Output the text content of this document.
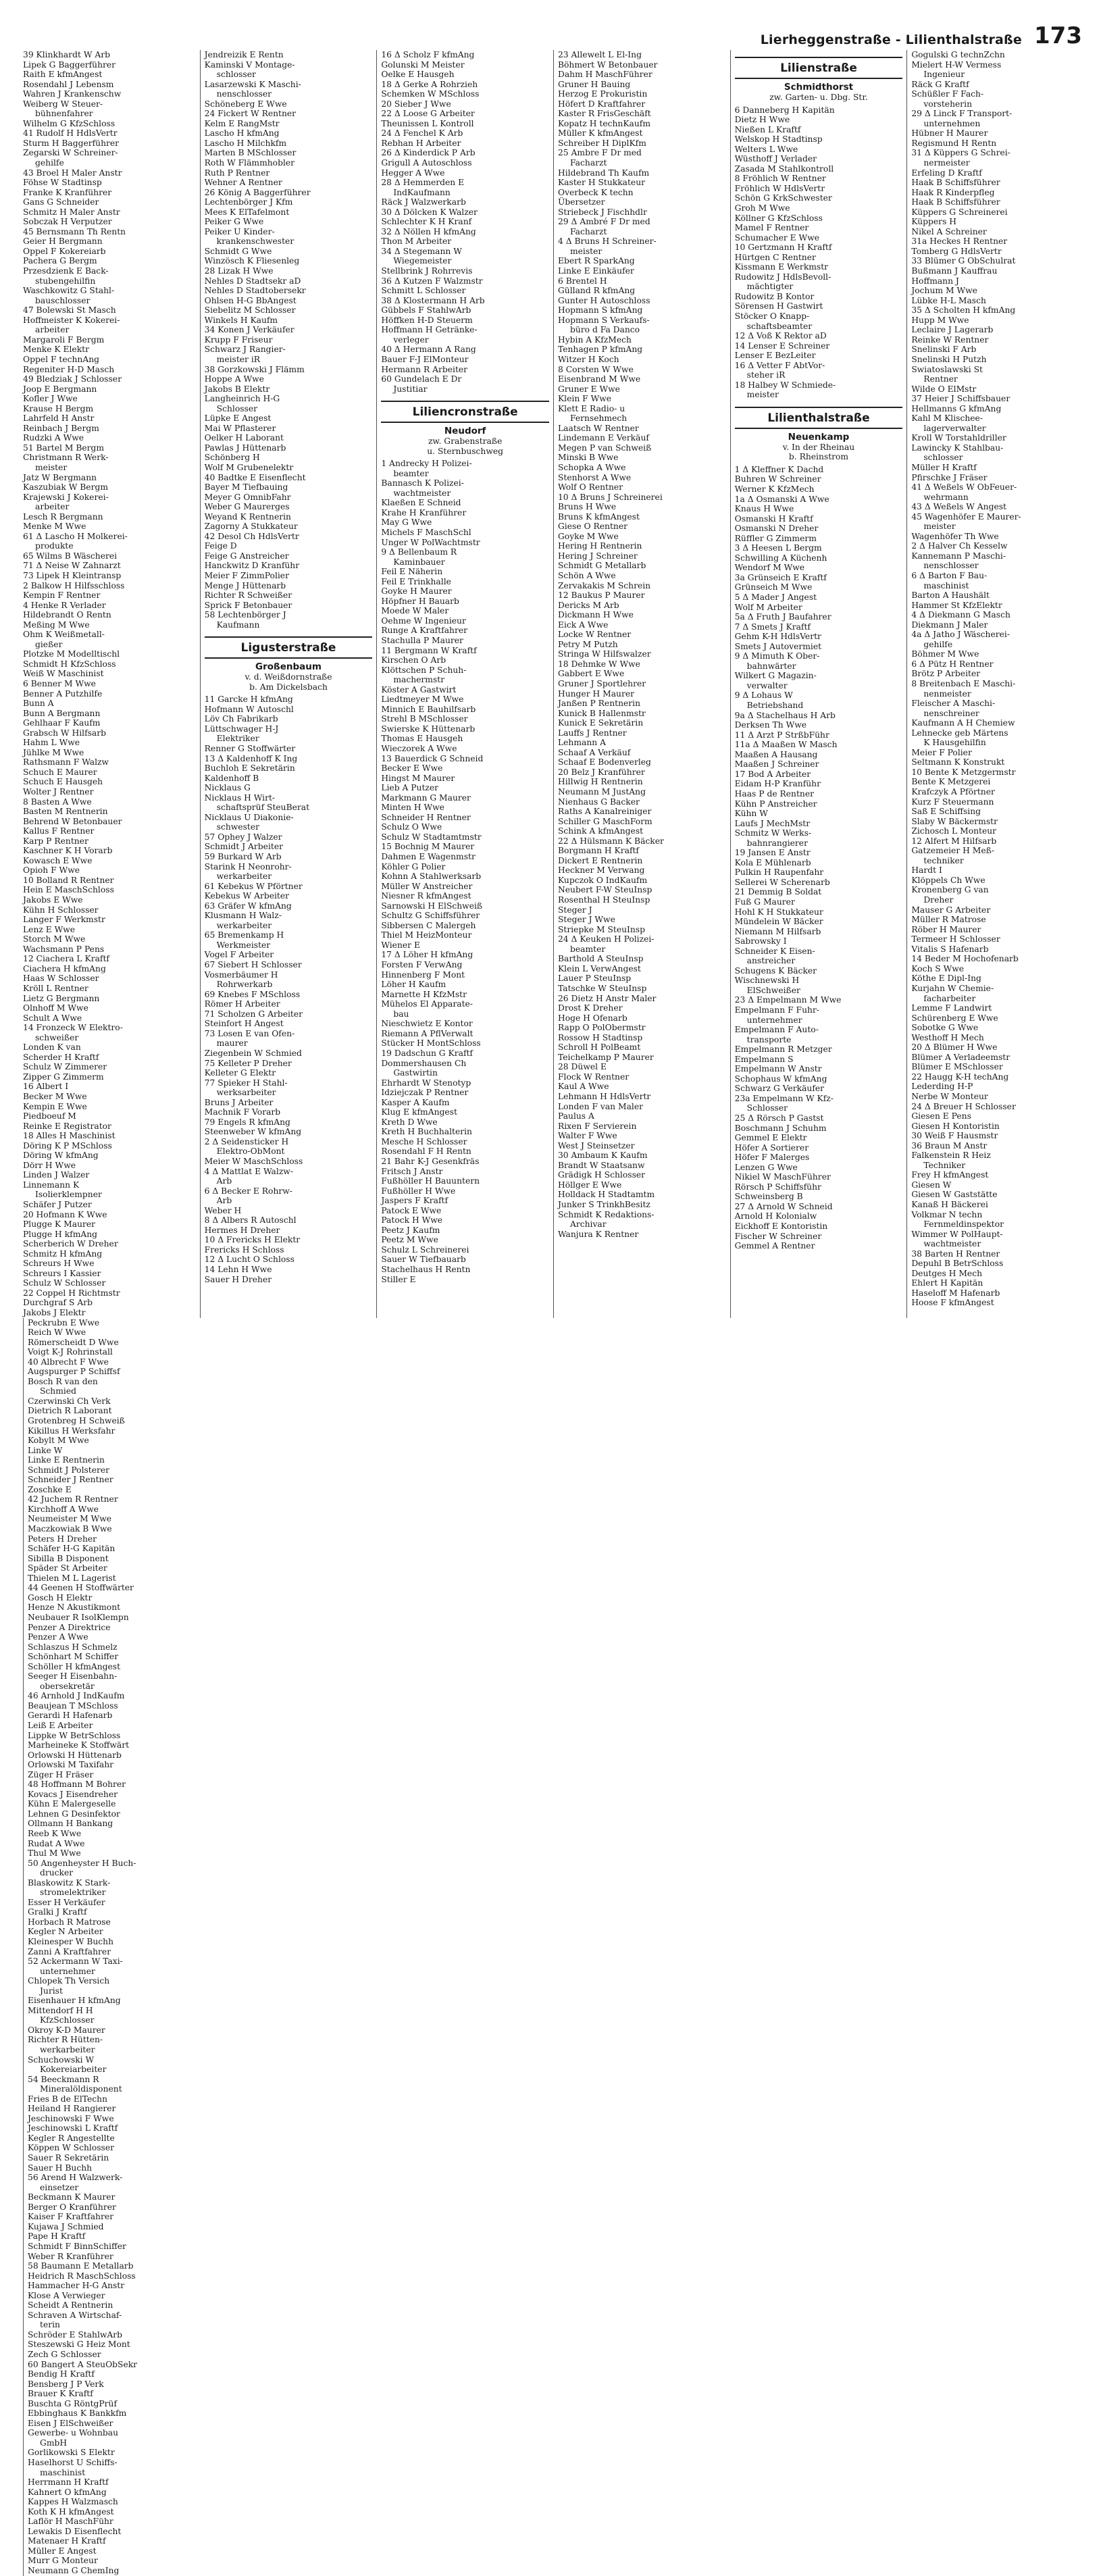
Lierheggenstraße - Lilienthalstraße 173
39 Klinkhardt W Arb
Lipek G Baggerführer
Raith E kfmAngest
Rosendahl J Lebensm
Wahren J Krankenschw
Weiberg W Steuer-
bühnenfahrer
Wilhelm G KfzSchloss
41 Rudolf H HdlsVertr
Sturm H Baggerführer
Zegarski W Schreiner-
gehilfe
43 Broel H Maler Anstr
Föhse W Stadtinsp
Franke K Kranführer
Gans G Schneider
Schmitz H Maler Anstr
Sobczak H Verputzer
45 Bernsmann Th Rentn
Geier H Bergmann
Oppel F Kokereiarb
Pachera G Bergm
Przesdzienk E Back-
stubengehilfin
Waschkowitz G Stahl-
bauschlosser
47 Bolewski St Masch
Hoffmeister K Kokerei-
arbeiter
Margaroli F Bergm
Menke K Elektr
Oppel F technAng
Regeniter H-D Masch
49 Bledziak J Schlosser
Joop E Bergmann
Kofler J Wwe
Krause H Bergm
Lahrfeld H Anstr
Reinbach J Bergm
Rudzki A Wwe
51 Bartel M Bergm
Christmann R Werk-
meister
Jatz W Bergmann
Kaszubiak W Bergm
Krajewski J Kokerei-
arbeiter
Lesch R Bergmann
Menke M Wwe
61 Δ Lascho H Molkerei-
produkte
65 Wilms B Wäscherei
71 Δ Neise W Zahnarzt
73 Lipek H Kleintransp
2 Balkow H Hilfsschloss
Kempin F Rentner
4 Henke R Verlader
Hildebrandt O Rentn
Meßing M Wwe
Ohm K Weißmetall-
gießer
Plotzke M Modelltischl
Schmidt H KfzSchloss
Weiß W Maschinist
6 Benner M Wwe
Benner A Putzhilfe
Bunn A
Bunn A Bergmann
Gehlhaar F Kaufm
Grabsch W Hilfsarb
Hahm L Wwe
Jühlke M Wwe
Rathsmann F Walzw
Schuch E Maurer
Schuch E Hausgeh
Wolter J Rentner
8 Basten A Wwe
Basten M Rentnerin
Behrend W Betonbauer
Kallus F Rentner
Karp P Rentner
Kaschner K H Vorarb
Kowasch E Wwe
Opioh F Wwe
10 Bolland R Rentner
Hein E MaschSchloss
Jakobs E Wwe
Kühn H Schlosser
Langer F Werkmstr
Lenz E Wwe
Storch M Wwe
Wachsmann P Pens
12 Ciachera L Kraftf
Ciachera H kfmAng
Haas W Schlosser
Kröll L Rentner
Lietz G Bergmann
Olnhoff M Wwe
Schult A Wwe
14 Fronzeck W Elektro-
schweißer
Londen K van
Scherder H Kraftf
Schulz W Zimmerer
Zipper G Zimmerm
16 Albert I
Becker M Wwe
Kempin E Wwe
Piedboeuf M
Reinke E Registrator
18 Alles H Maschinist
Döring K P MSchloss
Döring W kfmAng
Dörr H Wwe
Linden J Walzer
Linnemann K
Isolierklempner
Schäfer J Putzer
20 Hofmann K Wwe
Plugge K Maurer
Plugge H kfmAng
Scherberich W Dreher
Schmitz H kfmAng
Schreurs H Wwe
Schreurs I Kassier
Schulz W Schlosser
22 Coppel H Richtmstr
Durchgraf S Arb
Jakobs J Elektr
Jendreizik E Rentn
Kaminski V Montage-
schlosser
Lasarzewski K Maschi-
nenschlosser
Schöneberg E Wwe
24 Fickert W Rentner
Kelm E RangMstr
Lascho H kfmAng
Lascho H Milchkfm
Marten B MSchlosser
Roth W Flämmhobler
Ruth P Rentner
Wehner A Rentner
26 König A Baggerführer
Lechtenbörger J Kfm
Mees K ElTafelmont
Peiker G Wwe
Peiker U Kinder-
krankenschwester
Schmidt G Wwe
Winzösch K Fliesenleg
28 Lizak H Wwe
Nehles D Stadtsekr aD
Nehles D Stadtobersekr
Ohlsen H-G BbAngest
Siebelitz M Schlosser
Winkels H Kaufm
34 Konen J Verkäufer
Krupp F Friseur
Schwarz J Rangier-
meister iR
38 Gorzkowski J Flämm
Hoppe A Wwe
Jakobs B Elektr
Langheinrich H-G
Schlosser
Lüpke E Angest
Mai W Pflasterer
Oelker H Laborant
Pawlas J Hüttenarb
Schönberg H
Wolf M Grubenelektr
40 Badtke E Eisenflecht
Bayer M Tiefbauing
Meyer G OmnibFahr
Weber G Maurerges
Weyand K Rentnerin
Zagorny A Stukkateur
42 Desol Ch HdlsVertr
Feige D
Feige G Anstreicher
Hanckwitz D Kranführ
Meier F ZimmPolier
Menge J Hüttenarb
Richter R Schweißer
Sprick F Betonbauer
58 Lechtenbörger J
Kaufmann
Ligusterstraße
Großenbaum
v. d. Weißdornstraße
b. Am Dickelsbach
11 Garcke H kfmAng
Hofmann W Autoschl
Löv Ch Fabrikarb
Lüttschwager H-J
Elektriker
Renner G Stoffwärter
13 Δ Kaldenhoff K Ing
Buchloh E Sekretärin
Kaldenhoff B
Nicklaus G
Nicklaus H Wirt-
schaftsprüf SteuBerat
Nicklaus U Diakonie-
schwester
57 Ophey J Walzer
Schmidt J Arbeiter
59 Burkard W Arb
Starink H Neonrohr-
werkarbeiter
61 Kebekus W Pförtner
Kebekus W Arbeiter
63 Gräfer W kfmAng
Klusmann H Walz-
werkarbeiter
65 Bremenkamp H
Werkmeister
Vogel F Arbeiter
67 Siebert H Schlosser
Vosmerbäumer H
Rohrwerkarb
69 Knebes F MSchloss
Römer H Arbeiter
71 Scholzen G Arbeiter
Steinfort H Angest
73 Losen E van Ofen-
maurer
Ziegenbein W Schmied
75 Kelleter P Dreher
Kelleter G Elektr
77 Spieker H Stahl-
werksarbeiter
Bruns J Arbeiter
Machnik F Vorarb
79 Engels R kfmAng
Steenweber W kfmAng
2 Δ Seidensticker H
Elektro-ObMont
Meier W MaschSchloss
4 Δ Mattlat E Walzw-
Arb
6 Δ Becker E Rohrw-
Arb
Weber H
8 Δ Albers R Autoschl
Hermes H Dreher
10 Δ Frericks H Elektr
Frericks H Schloss
12 Δ Lucht O Schloss
14 Lehn H Wwe
Sauer H Dreher
16 Δ Scholz F kfmAng
Golunski M Meister
Oelke E Hausgeh
18 Δ Gerke A Rohrzieh
Schemken W MSchloss
20 Sieber J Wwe
22 Δ Loose G Arbeiter
Theunissen L Kontroll
24 Δ Fenchel K Arb
Rebhan H Arbeiter
26 Δ Kinderdick P Arb
Grigull A Autoschloss
Hegger A Wwe
28 Δ Hemmerden E
IndKaufmann
Räck J Walzwerkarb
30 Δ Dölcken K Walzer
Schlechter K H Kranf
32 Δ Nöllen H kfmAng
Thon M Arbeiter
34 Δ Stegemann W
Wiegemeister
Stellbrink J Rohrrevis
36 Δ Kutzen F Walzmstr
Schmitt L Schlosser
38 Δ Klostermann H Arb
Gübbels F StahlwArb
Höffken H-D Steuerm
Hoffmann H Getränke-
verleger
40 Δ Hermann A Rang
Bauer F-J ElMonteur
Hermann R Arbeiter
60 Gundelach E Dr
Justitiar
Liliencronstraße
Neudorf
zw. Grabenstraße
u. Sternbuschweg
1 Andrecky H Polizei-
beamter
Bannasch K Polizei-
wachtmeister
Klaeßen E Schneid
Krahe H Kranführer
May G Wwe
Michels F MaschSchl
Unger W PolWachtmstr
9 Δ Bellenbaum R
Kaminbauer
Feil E Näherin
Feil E Trinkhalle
Goyke H Maurer
Höpfner H Bauarb
Moede W Maler
Oehme W Ingenieur
Runge A Kraftfahrer
Stachulla P Maurer
11 Bergmann W Kraftf
Kirschen O Arb
Klöttschen P Schuh-
machermstr
Köster A Gastwirt
Liedtmeyer M Wwe
Minnich E Bauhilfsarb
Strehl B MSchlosser
Swierske K Hüttenarb
Thomas E Hausgeh
Wieczorek A Wwe
13 Bauerdick G Schneid
Becker E Wwe
Hingst M Maurer
Lieb A Putzer
Markmann G Maurer
Minten H Wwe
Schneider H Rentner
Schulz O Wwe
Schulz W Stadtamtmstr
15 Bochnig M Maurer
Dahmen E Wagenmstr
Köhler G Polier
Kohnn A Stahlwerksarb
Müller W Anstreicher
Niesner R kfmAngest
Sarnowski H ElSchweiß
Schultz G Schiffsführer
Sibbersen C Malergeh
Thiel M HeizMonteur
Wiener E
17 Δ Löher H kfmAng
Forsten F VerwAng
Hinnenberg F Mont
Löher H Kaufm
Marnette H KfzMstr
Mühelos El Apparate-
bau
Nieschwietz E Kontor
Riemann A PflVerwalt
Stücker H MontSchloss
19 Dadschun G Kraftf
Dommershausen Ch
Gastwirtin
Ehrhardt W Stenotyp
Idziejczak P Rentner
Kasper A Kaufm
Klug E kfmAngest
Kreth D Wwe
Kreth H Buchhalterin
Mesche H Schlosser
Rosendahl F H Rentn
21 Bahr K-J Gesenkfräs
Fritsch J Anstr
Fußhöller H Bauuntern
Fußhöller H Wwe
Jaspers F Kraftf
Patock E Wwe
Patock H Wwe
Peetz J Kaufm
Peetz M Wwe
Schulz L Schreinerei
Sauer W Tiefbauarb
Stachelhaus H Rentn
Stiller E
23 Allewelt L El-Ing
Böhmert W Betonbauer
Dahm H MaschFührer
Gruner H Bauing
Herzog E Prokuristin
Höfert D Kraftfahrer
Kaster R FrisGeschäft
Kopatz H technKaufm
Müller K kfmAngest
Schreiber H DiplKfm
25 Ambre F Dr med
Facharzt
Hildebrand Th Kaufm
Kaster H Stukkateur
Overbeck K techn
Übersetzer
Striebeck J Fischhdlr
29 Δ Ambré F Dr med
Facharzt
4 Δ Bruns H Schreiner-
meister
Ebert R SparkAng
Linke E Einkäufer
6 Brentel H
Gülland R kfmAng
Gunter H Autoschloss
Hopmann S kfmAng
Hopmann S Verkaufs-
büro d Fa Danco
Hybin A KfzMech
Tenhagen P kfmAng
Witzer H Koch
8 Corsten W Wwe
Eisenbrand M Wwe
Gruner E Wwe
Klein F Wwe
Klett E Radio- u
Fernsehmech
Laatsch W Rentner
Lindemann E Verkäuf
Megen P van Schweiß
Minski B Wwe
Schopka A Wwe
Stenhorst A Wwe
Wolf O Rentner
10 Δ Bruns J Schreinerei
Bruns H Wwe
Bruns K kfmAngest
Giese O Rentner
Goyke M Wwe
Hering H Rentnerin
Hering J Schreiner
Schmidt G Metallarb
Schön A Wwe
Zervakakis M Schrein
12 Baukus P Maurer
Dericks M Arb
Dickmann H Wwe
Eick A Wwe
Locke W Rentner
Petry M Putzh
Stringa W Hilfswalzer
18 Dehmke W Wwe
Gabbert E Wwe
Gruner J Sportlehrer
Hunger H Maurer
Janßen P Rentnerin
Kunick B Hallenmstr
Kunick E Sekretärin
Lauffs J Rentner
Lehmann A
Schaaf A Verkäuf
Schaaf E Bodenverleg
20 Belz J Kranführer
Hillwig H Rentnerin
Neumann M JustAng
Nienhaus G Backer
Raths A Kanalreiniger
Schiller G MaschForm
Schink A kfmAngest
22 Δ Hülsmann K Bäcker
Borgmann H Kraftf
Dickert E Rentnerin
Heckner M Verwang
Kupczok O IndKaufm
Neubert F-W SteuInsp
Rosenthal H SteuInsp
Steger J
Steger J Wwe
Striepke M SteuInsp
24 Δ Keuken H Polizei-
beamter
Barthold A SteuInsp
Klein L VerwAngest
Lauer P SteuInsp
Tatschke W SteuInsp
26 Dietz H Anstr Maler
Drost K Dreher
Hoge H Ofenarb
Rapp O PolObermstr
Rossow H Stadtinsp
Schroll H PolBeamt
Teichelkamp P Maurer
28 Düwel E
Flock W Rentner
Kaul A Wwe
Lehmann H HdlsVertr
Londen F van Maler
Paulus A
Rixen F Servierein
Walter F Wwe
West J Steinsetzer
30 Ambaum K Kaufm
Brandt W Staatsanw
Grädigk H Schlosser
Höllger E Wwe
Holldack H Stadtamtm
Junker S TrinkhBesitz
Schmidt K Redaktions-
Archivar
Wanjura K Rentner
Lilienstraße
Schmidthorst
zw. Garten- u. Dbg. Str.
6 Danneberg H Kapitän
Dietz H Wwe
Nießen L Kraftf
Welskop H Stadtinsp
Welters L Wwe
Wüsthoff J Verlader
Zasada M Stahlkontroll
8 Fröhlich W Rentner
Fröhlich W HdlsVertr
Schön G KrkSchwester
Groh M Wwe
Köllner G KfzSchloss
Mamel F Rentner
Schumacher E Wwe
10 Gertzmann H Kraftf
Hürtgen C Rentner
Kissmann E Werkmstr
Rudowitz J HdlsBevoll-
mächtigter
Rudowitz B Kontor
Sörensen H Gastwirt
Stöcker O Knapp-
schaftsbeamter
12 Δ Voß K Rektor aD
14 Lenser E Schreiner
Lenser E BezLeiter
16 Δ Vetter F AbtVor-
steher iR
18 Halbey W Schmiede-
meister
Lilienthalstraße
Neuenkamp
v. In der Rheinau
b. Rheinstrom
1 Δ Kleffner K Dachd
Buhren W Schreiner
Werner K KfzMech
1a Δ Osmanski A Wwe
Knaus H Wwe
Osmanski H Kraftf
Osmanski N Dreher
Rüffler G Zimmerm
3 Δ Heesen L Bergm
Schwilling A Küchenh
Wendorf M Wwe
3a Grünseich E Kraftf
Grünseich M Wwe
5 Δ Mader J Angest
Wolf M Arbeiter
5a Δ Fruth J Baufahrer
7 Δ Smets J Kraftf
Gehm K-H HdlsVertr
Smets J Autovermiet
9 Δ Mimuth K Ober-
bahnwärter
Wilkert G Magazin-
verwalter
9 Δ Lohaus W
Betriebshand
9a Δ Stachelhaus H Arb
Derksen Th Wwe
11 Δ Arzt P StrßbFühr
11a Δ Maaßen W Masch
Maaßen A Hausang
Maaßen J Schreiner
17 Bod A Arbeiter
Eidam H-P Kranführ
Haas P de Rentner
Kühn P Anstreicher
Kühn W
Laufs J MechMstr
Schmitz W Werks-
bahnrangierer
19 Jansen E Anstr
Kola E Mühlenarb
Pulkin H Raupenfahr
Sellerei W Scherenarb
21 Demmig B Soldat
Fuß G Maurer
Hohl K H Stukkateur
Mündelein W Bäcker
Niemann M Hilfsarb
Sabrowsky I
Schneider K Eisen-
anstreicher
Schugens K Bäcker
Wischnewski H
ElSchweißer
23 Δ Empelmann M Wwe
Empelmann F Fuhr-
unternehmer
Empelmann F Auto-
transporte
Empelmann R Metzger
Empelmann S
Empelmann W Anstr
Schophaus W kfmAng
Schwarz G Verkäufer
23a Empelmann W Kfz-
Schlosser
25 Δ Rörsch P Gastst
Boschmann J Schuhm
Gemmel E Elektr
Höfer A Sortierer
Höfer F Malerges
Lenzen G Wwe
Nikiel W MaschFührer
Rörsch P Schiffsführ
Schweinsberg B
27 Δ Arnold W Schneid
Arnold H Kolonialw
Eickhoff E Kontoristin
Fischer W Schreiner
Gemmel A Rentner
Gogulski G technZchn
Mielert H-W Vermess
Ingenieur
Räck G Kraftf
Schüßler F Fach-
vorsteherin
29 Δ Linck F Transport-
unternehmen
Hübner H Maurer
Regismund H Rentn
31 Δ Küppers G Schrei-
nermeister
Erfeling D Kraftf
Haak B Schiffsführer
Haak R Kinderpfleg
Haak B Schiffsführer
Küppers G Schreinerei
Küppers H
Nikel A Schreiner
31a Heckes H Rentner
Tomberg G HdlsVertr
33 Blümer G ObSchulrat
Bußmann J Kauffrau
Hoffmann J
Jochum M Wwe
Lübke H-L Masch
35 Δ Scholten H kfmAng
Hupp M Wwe
Leclaire J Lagerarb
Reinke W Rentner
Snelinski F Arb
Snelinski H Putzh
Swiatoslawski St
Rentner
Wilde O ElMstr
37 Heier J Schiffsbauer
Hellmanns G kfmAng
Kahl M Klischee-
lagerverwalter
Kroll W Torstahldriller
Lawincky K Stahlbau-
schlosser
Müller H Kraftf
Pfirschke J Fräser
41 Δ Weßels W ObFeuer-
wehrmann
43 Δ Weßels W Angest
45 Wagenhöfer E Maurer-
meister
Wagenhöfer Th Wwe
2 Δ Halver Ch Kesselw
Kannemann P Maschi-
nenschlosser
6 Δ Barton F Bau-
maschinist
Barton A Haushält
Hammer St KfzElektr
4 Δ Diekmann G Masch
Diekmann J Maler
4a Δ Jatho J Wäscherei-
gehilfe
Böhmer M Wwe
6 Δ Pütz H Rentner
Brötz P Arbeiter
8 Breitenbach E Maschi-
nenmeister
Fleischer A Maschi-
nenschreiner
Kaufmann A H Chemiew
Lehnecke geb Märtens
K Hausgehilfin
Meier F Polier
Seltmann K Konstrukt
10 Bente K Metzgermstr
Bente K Metzgerei
Krafczyk A Pförtner
Kurz F Steuermann
Saß E Schiffsing
Slaby W Bäckermstr
Zichosch L Monteur
12 Alfert M Hilfsarb
Gatzemeier H Meß-
techniker
Hardt I
Klöppels Ch Wwe
Kronenberg G van
Dreher
Mauser G Arbeiter
Müller R Matrose
Röber H Maurer
Termeer H Schlosser
Vitalis S Hafenarb
14 Beder M Hochofenarb
Koch S Wwe
Köthe E Dipl-Ing
Kurjahn W Chemie-
facharbeiter
Lemme F Landwirt
Schürenberg E Wwe
Sobotke G Wwe
Westhoff H Mech
20 Δ Blümer H Wwe
Blümer A Verladeemstr
Blümer E MSchlosser
22 Haugg K-H techAng
Lederding H-P
Nerbe W Monteur
24 Δ Breuer H Schlosser
Giesen E Pens
Giesen H Kontoristin
30 Weiß F Hausmstr
36 Braun M Anstr
Falkenstein R Heiz
Techniker
Frey H kfmAngest
Giesen W
Giesen W Gaststätte
Kanaß H Bäckerei
Volkmar N techn
Fernmeldinspektor
Wimmer W PolHaupt-
wachtmeister
38 Barten H Rentner
Depuhl B BetrSchloss
Deutges H Mech
Ehlert H Kapitän
Haseloff M Hafenarb
Hoose F kfmAngest
Peckrubn E Wwe
Reich W Wwe
Römerscheidt D Wwe
Voigt K-J Rohrinstall
40 Albrecht F Wwe
Augspurger P Schiffsf
Bosch R van den
Schmied
Czerwinski Ch Verk
Dietrich R Laborant
Grotenbreg H Schweiß
Kikillus H Werksfahr
Kobylt M Wwe
Linke W
Linke E Rentnerin
Schmidt J Polsterer
Schneider J Rentner
Zoschke E
42 Juchem R Rentner
Kirchhoff A Wwe
Neumeister M Wwe
Maczkowiak B Wwe
Peters H Dreher
Schäfer H-G Kapitän
Sibilla B Disponent
Späder St Arbeiter
Thielen M L Lagerist
44 Geenen H Stoffwärter
Gosch H Elektr
Henze N Akustikmont
Neubauer R IsolKlempn
Penzer A Direktrice
Penzer A Wwe
Schlaszus H Schmelz
Schönhart M Schiffer
Schöller H kfmAngest
Seeger H Eisenbahn-
obersekretär
46 Arnhold J IndKaufm
Beaujean T MSchloss
Gerardi H Hafenarb
Leiß E Arbeiter
Lippke W BetrSchloss
Marheineke K Stoffwärt
Orlowski H Hüttenarb
Orlowski M Taxifahr
Züger H Fräser
48 Hoffmann M Bohrer
Kovacs J Eisendreher
Kühn E Malergeselle
Lehnen G Desinfektor
Ollmann H Bankang
Reeb K Wwe
Rudat A Wwe
Thul M Wwe
50 Angenheyster H Buch-
drucker
Blaskowitz K Stark-
stromelektriker
Esser H Verkäufer
Gralki J Kraftf
Horbach R Matrose
Kegler N Arbeiter
Kleinesper W Buchh
Zanni A Kraftfahrer
52 Ackermann W Taxi-
unternehmer
Chlopek Th Versich
Jurist
Eisenhauer H kfmAng
Mittendorf H H
KfzSchlosser
Okroy K-D Maurer
Richter R Hütten-
werkarbeiter
Schuchowski W
Kokereiarbeiter
54 Beeckmann R
Mineralöldisponent
Fries B de ElTechn
Heiland H Rangierer
Jeschinowski F Wwe
Jeschinowski L Kraftf
Kegler R Angestellte
Köppen W Schlosser
Sauer R Sekretärin
Sauer H Buchh
56 Arend H Walzwerk-
einsetzer
Beckmann K Maurer
Berger O Kranführer
Kaiser F Kraftfahrer
Kujawa J Schmied
Pape H Kraftf
Schmidt F BinnSchiffer
Weber R Kranführer
58 Baumann E Metallarb
Heidrich R MaschSchloss
Hammacher H-G Anstr
Klose A Verwieger
Scheidt A Rentnerin
Schraven A Wirtschaf-
terin
Schröder E StahlwArb
Steszewski G Heiz Mont
Zech G Schlosser
60 Bangert A SteuObSekr
Bendig H Kraftf
Bensberg J P Verk
Brauer K Kraftf
Buschta G RöntgPrüf
Ebbinghaus K Bankkfm
Eisen J ElSchweißer
Gewerbe- u Wohnbau
GmbH
Gorlikowski S Elektr
Haselhorst U Schiffs-
maschinist
Herrmann H Kraftf
Kahnert O kfmAng
Kappes H Walzmasch
Koth K H kfmAngest
Laflör H MaschFühr
Lewakis D Eisenflecht
Matenaer H Kraftf
Müller E Angest
Murr G Monteur
Neumann G ChemIng
